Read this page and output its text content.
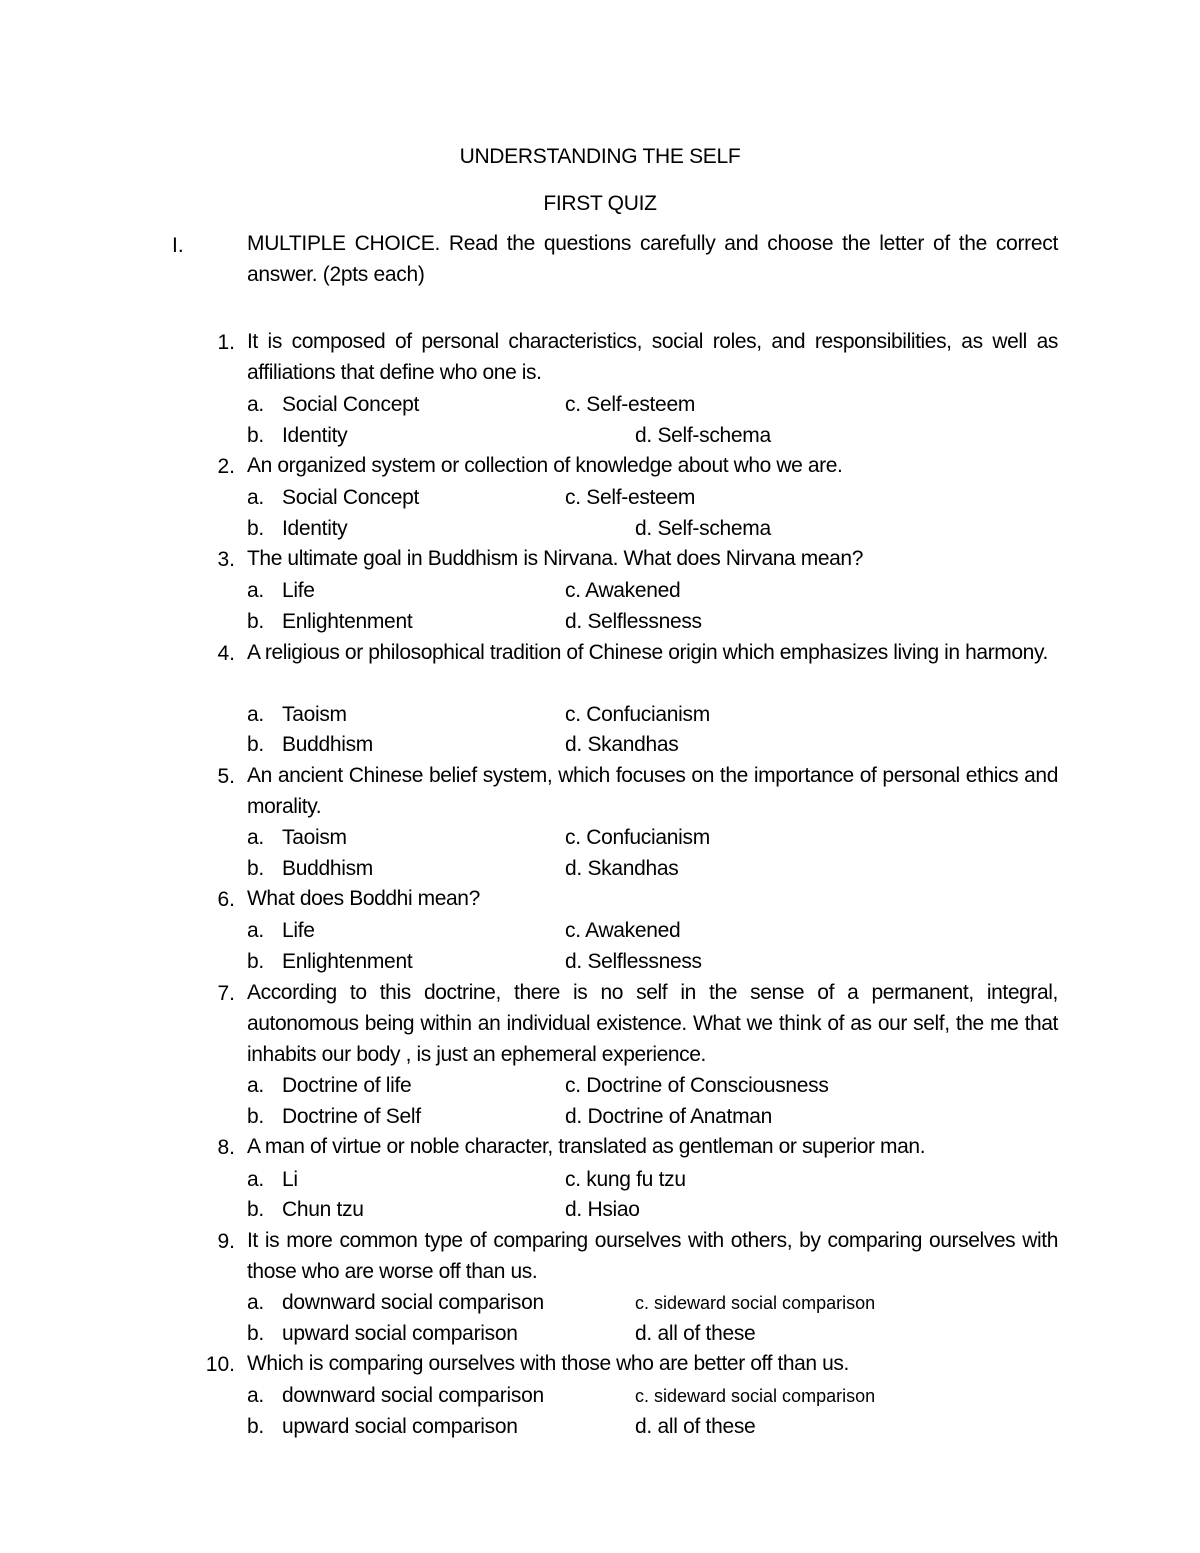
UNDERSTANDING THE SELF
FIRST QUIZ
I.	MULTIPLE CHOICE. Read the questions carefully and choose the letter of the correct answer. (2pts each)
1. It is composed of personal characteristics, social roles, and responsibilities, as well as affiliations that define who one is.
a. Social Concept	c. Self-esteem
b. Identity	d. Self-schema
2. An organized system or collection of knowledge about who we are.
a. Social Concept	c. Self-esteem
b. Identity	d. Self-schema
3. The ultimate goal in Buddhism is Nirvana. What does Nirvana mean?
a. Life	c. Awakened
b. Enlightenment	d. Selflessness
4. A religious or philosophical tradition of Chinese origin which emphasizes living in harmony.
a. Taoism	c. Confucianism
b. Buddhism	d. Skandhas
5. An ancient Chinese belief system, which focuses on the importance of personal ethics and morality.
a. Taoism	c. Confucianism
b. Buddhism	d. Skandhas
6. What does Boddhi mean?
a. Life	c. Awakened
b. Enlightenment	d. Selflessness
7. According to this doctrine, there is no self in the sense of a permanent, integral, autonomous being within an individual existence. What we think of as our self, the me that inhabits our body , is just an ephemeral experience.
a. Doctrine of life	c. Doctrine of Consciousness
b. Doctrine of Self	d. Doctrine of Anatman
8. A man of virtue or noble character, translated as gentleman or superior man.
a. Li	c. kung fu tzu
b. Chun tzu	d. Hsiao
9. It is more common type of comparing ourselves with others, by comparing ourselves with those who are worse off than us.
a. downward social comparison	c. sideward social comparison
b. upward social comparison	d. all of these
10. Which is comparing ourselves with those who are better off than us.
a. downward social comparison	c. sideward social comparison
b. upward social comparison	d. all of these
